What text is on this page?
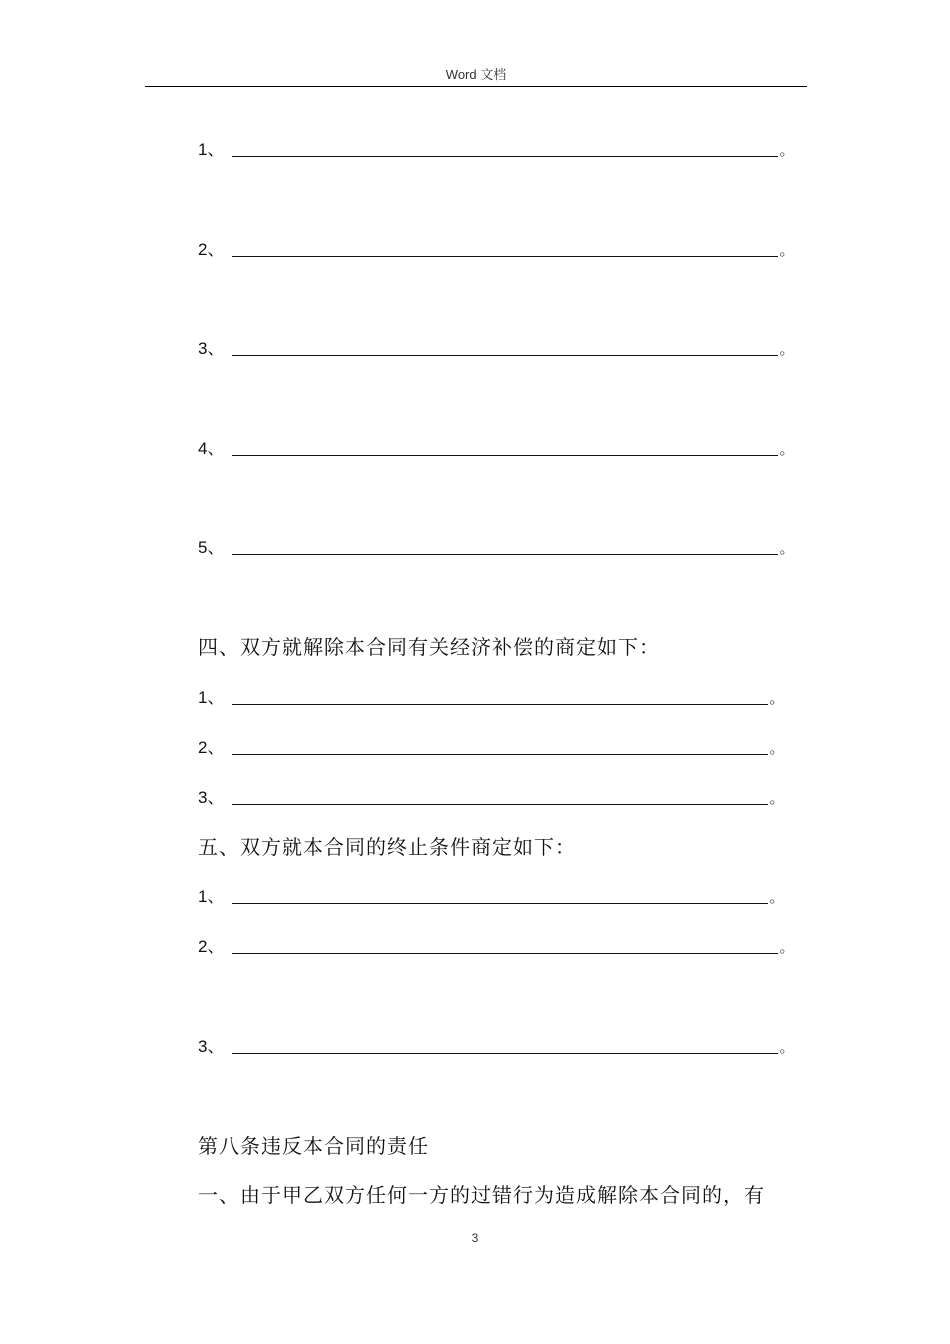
Word 文档
1 、	。
2 、	。
3 、	。
4 、	。
5 、	。
四、双方就解除本合同有关经济补偿的商定如下：
1 、	。
2 、	。
3 、	。
五、双方就本合同的终止条件商定如下：
1 、	。
2 、	。
3 、	。
第八条违反本合同的责任
一、由于甲乙双方任何一方的过错行为造成解除本合同的，有
3
